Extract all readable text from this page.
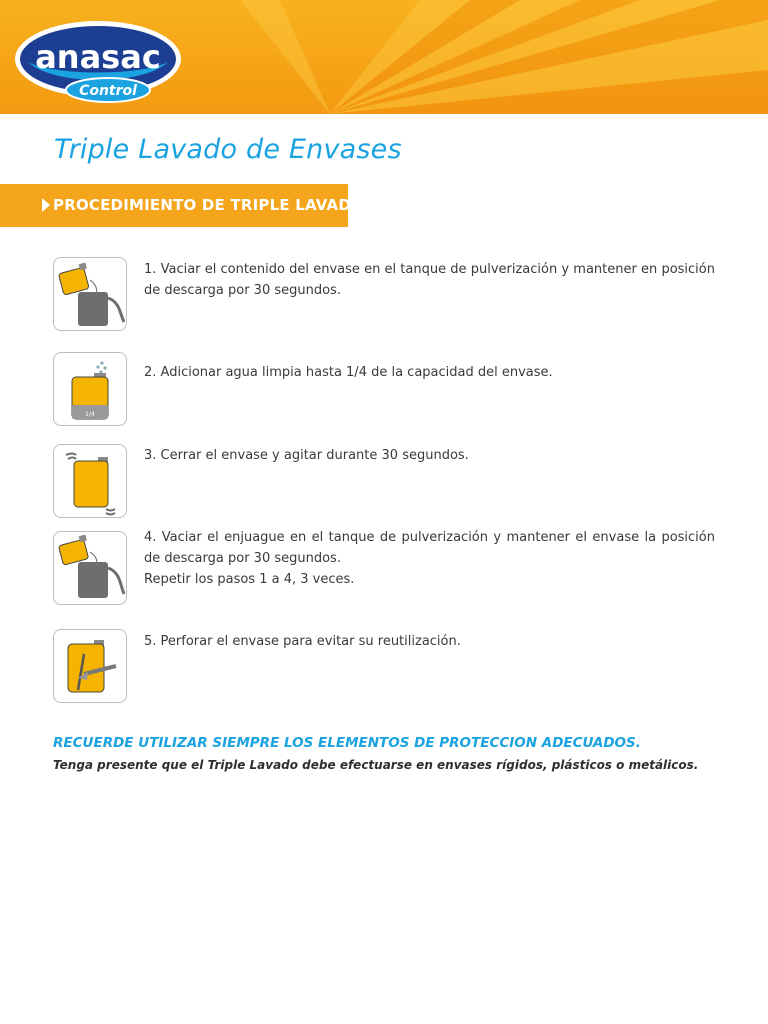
anasac
Control
Triple Lavado de Envases
PROCEDIMIENTO DE TRIPLE LAVADO

1. Vaciar el contenido del envase en el tanque de pulverización y mantener en posición de descarga por 30 segundos.

1/4

2. Adicionar agua limpia hasta 1/4 de la capacidad del envase.

3. Cerrar el envase y agitar durante 30 segundos.

4. Vaciar el enjuague en el tanque de pulverización y mantener el envase la posición de descarga por 30 segundos.

Repetir los pasos 1 a 4, 3 veces.

5. Perforar el envase para evitar su reutilización.

RECUERDE UTILIZAR SIEMPRE LOS ELEMENTOS DE PROTECCION ADECUADOS.

Tenga presente que el Triple Lavado debe efectuarse en envases rígidos, plásticos o metálicos.
